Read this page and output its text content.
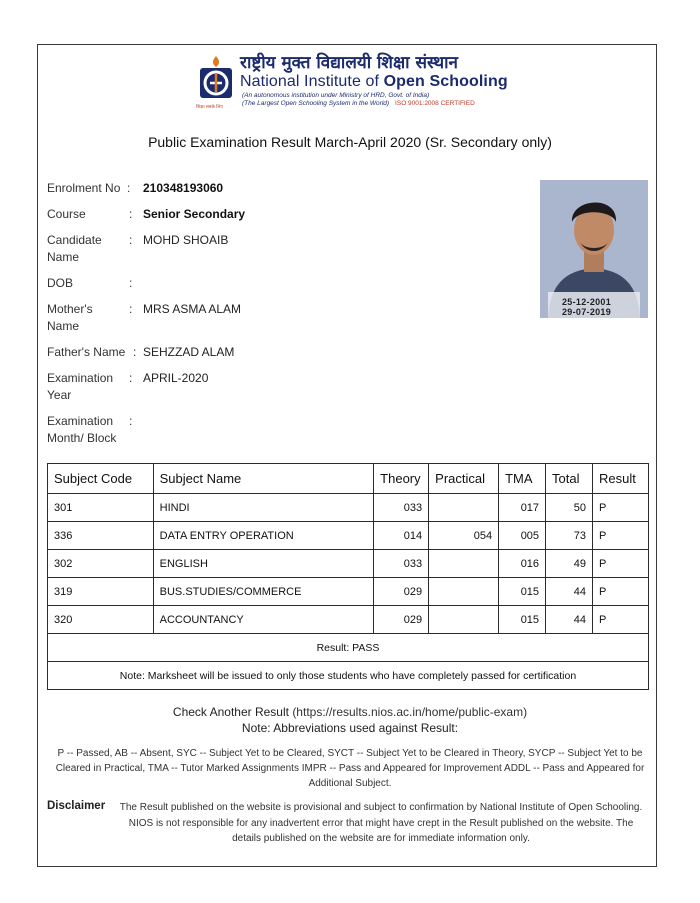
राष्ट्रीय मुक्त विद्यालयी शिक्षा संस्थान
National Institute of Open Schooling
(An autonomous institution under Ministry of HRD, Govt. of India)
(The Largest Open Schooling System in the World) ISO 9001:2008 CERTIFIED
शिक्षा सबके लिए
Public Examination Result March-April 2020 (Sr. Secondary only)
Enrolment No : 210348193060
Course	: Senior Secondary
Candidate Name
: MOHD SHOAIB
DOB	:
Mother's Name
: MRS ASMA ALAM
Father's Name : SEHZZAD ALAM
Examination Year
: APRIL-2020
Examination Month/ Block
:
25-12-2001
29-07-2019
Subject Code	Subject Name	Theory	Practical	TMA	Total	Result
301	HINDI	033		017	50	P
336	DATA ENTRY OPERATION	014	054	005	73	P
302	ENGLISH	033		016	49	P
319	BUS.STUDIES/COMMERCE	029		015	44	P
320	ACCOUNTANCY	029		015	44	P
Result: PASS						
Note: Marksheet will be issued to only those students who have completely passed for certification						
Check Another Result (https://results.nios.ac.in/home/public-exam)
Note: Abbreviations used against Result:
P -- Passed, AB -- Absent, SYC -- Subject Yet to be Cleared, SYCT -- Subject Yet to be Cleared in Theory, SYCP -- Subject Yet to be Cleared in Practical, TMA -- Tutor Marked Assignments IMPR -- Pass and Appeared for Improvement ADDL -- Pass and Appeared for Additional Subject.
Disclaimer	The Result published on the website is provisional and subject to confirmation by National Institute of Open Schooling. NIOS is not responsible for any inadvertent error that might have crept in the Result published on the website. The details published on the website are for immediate information only.
